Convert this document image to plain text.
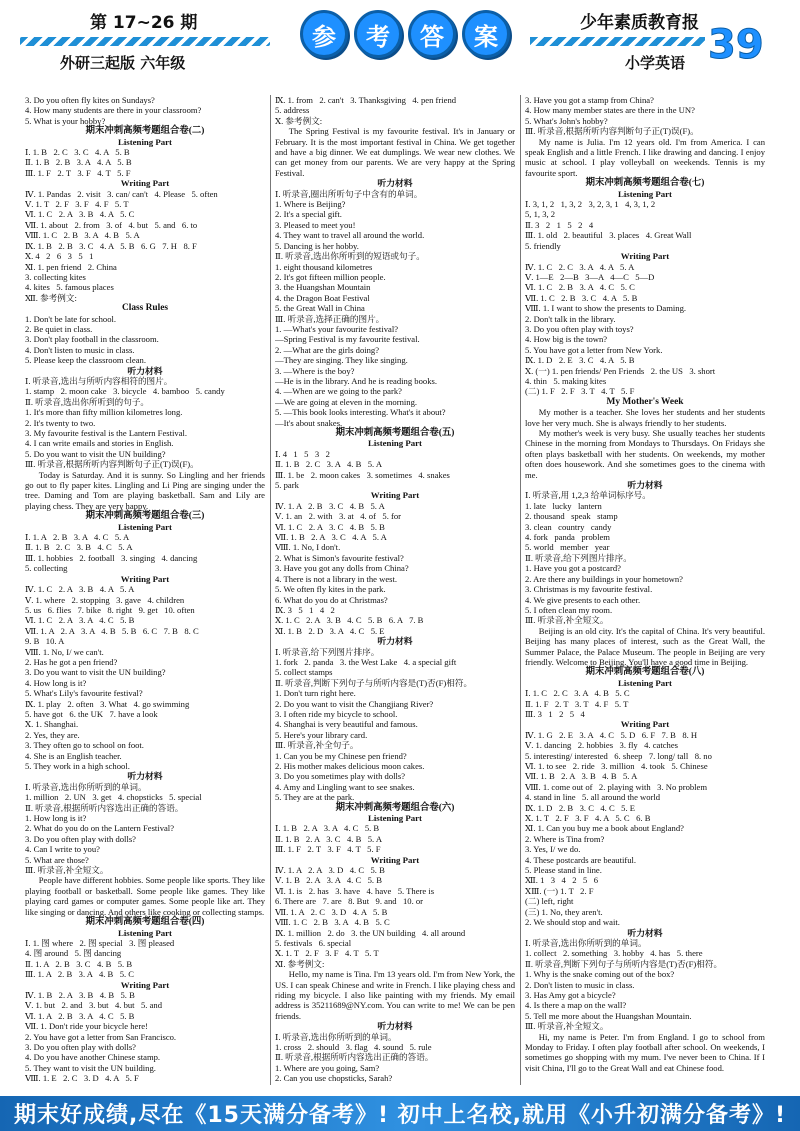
第 17~26 期
外研三起版 六年级
参	考	答	案	少年素质教育报
小学英语 39
3. Do you often fly kites on Sundays?
4. How many students are there in your classroom?
5. What is your hobby?
期末冲刺高频考题组合卷(二)
Listening Part
Ⅰ. 1. B   2. C   3. C   4. A   5. B
Ⅱ. 1. B   2. B   3. A   4. A   5. B
Ⅲ. 1. F   2. T   3. F   4. T   5. F
Writing Part
Ⅳ. 1. Pandas   2. visit   3. can/ can't   4. Please   5. often
Ⅴ. 1. T   2. F   3. F   4. F   5. T
Ⅵ. 1. C   2. A   3. B   4. A   5. C
Ⅶ. 1. about   2. from   3. of   4. but   5. and   6. to
Ⅷ. 1. C   2. B   3. A   4. B   5. A
Ⅸ. 1. B   2. B   3. C   4. A   5. B   6. G   7. H   8. F
Ⅹ. 4   2   6   3   5   1
Ⅺ. 1. pen friend   2. China
3. collecting kites
4. kites   5. famous places
Ⅻ. 参考例文:
Class Rules
1. Don't be late for school.
2. Be quiet in class.
3. Don't play football in the classroom.
4. Don't listen to music in class.
5. Please keep the classroom clean.
听力材料
Ⅰ. 听录音,选出与所听内容相符的图片。
1. stamp   2. moon cake   3. bicycle   4. bamboo   5. candy
Ⅱ. 听录音,选出你所听到的句子。
1. It's more than fifty million kilometres long.
2. It's twenty to two.
3. My favourite festival is the Lantern Festival.
4. I can write emails and stories in English.
5. Do you want to visit the UN building?
Ⅲ. 听录音,根据所听内容判断句子正(T)误(F)。
Today is Saturday. And it is sunny. So Lingling and her friends go out to fly paper kites. Lingling and Li Ping are singing under the tree. Daming and Tom are playing basketball. Sam and Lily are playing chess. They are very happy.
期末冲刺高频考题组合卷(三)
Listening Part
Ⅰ. 1. A   2. B   3. A   4. C   5. A
Ⅱ. 1. B   2. C   3. B   4. C   5. A
Ⅲ. 1. hobbies   2. football   3. singing   4. dancing
5. collecting
Writing Part
Ⅳ. 1. C   2. A   3. B   4. A   5. A
Ⅴ. 1. where   2. stopping   3. gave   4. children
5. us   6. flies   7. bike   8. right   9. get   10. often
Ⅵ. 1. C   2. A   3. A   4. C   5. B
Ⅶ. 1. A   2. A   3. A   4. B   5. B   6. C   7. B   8. C
9. B   10. A
Ⅷ. 1. No, I/ we can't.
2. Has he got a pen friend?
3. Do you want to visit the UN building?
4. How long is it?
5. What's Lily's favourite festival?
Ⅸ. 1. play   2. often   3. What   4. go swimming
5. have got   6. the UK   7. have a look
Ⅹ. 1. Shanghai.
2. Yes, they are.
3. They often go to school on foot.
4. She is an English teacher.
5. They work in a high school.
听力材料
Ⅰ. 听录音,选出你所听到的单词。
1. million   2. UN   3. get   4. chopsticks   5. special
Ⅱ. 听录音,根据所听内容选出正确的答语。
1. How long is it?
2. What do you do on the Lantern Festival?
3. Do you often play with dolls?
4. Can I write to you?
5. What are those?
Ⅲ. 听录音,补全短文。
People have different hobbies. Some people like sports. They like playing football or basketball. Some people like games. They like playing card games or computer games. Some people like art. They like singing or dancing. And others like cooking or collecting stamps.
期末冲刺高频考题组合卷(四)
Listening Part
Ⅰ. 1. 图 where   2. 图 special   3. 图 pleased
4. 图 around   5. 图 dancing
Ⅱ. 1. A   2. B   3. C   4. B   5. B
Ⅲ. 1. A   2. B   3. A   4. B   5. C
Writing Part
Ⅳ. 1. B   2. A   3. B   4. B   5. B
Ⅴ. 1. but   2. and   3. but   4. but   5. and
Ⅵ. 1. A   2. B   3. A   4. C   5. B
Ⅶ. 1. Don't ride your bicycle here!
2. You have got a letter from San Francisco.
3. Do you often play with dolls?
4. Do you have another Chinese stamp.
5. They want to visit the UN building.
Ⅷ. 1. E   2. C   3. D   4. A   5. F
Ⅸ. 1. from   2. can't   3. Thanksgiving   4. pen friend
5. address
Ⅹ. 参考例文:
The Spring Festival is my favourite festival. It's in January or February. It is the most important festival in China. We get together and have a big dinner. We eat dumplings. We wear new clothes. We can get money from our parents. We are very happy at the Spring Festival.
听力材料
Ⅰ. 听录音,圈出所听句子中含有的单词。
1. Where is Beijing?
2. It's a special gift.
3. Pleased to meet you!
4. They want to travel all around the world.
5. Dancing is her hobby.
Ⅱ. 听录音,选出你所听到的短语或句子。
1. eight thousand kilometres
2. It's got fifteen million people.
3. the Huangshan Mountain
4. the Dragon Boat Festival
5. the Great Wall in China
Ⅲ. 听录音,选择正确的图片。
1. —What's your favourite festival?
—Spring Festival is my favourite festival.
2. —What are the girls doing?
—They are singing. They like singing.
3. —Where is the boy?
—He is in the library. And he is reading books.
4. —When are we going to the park?
—We are going at eleven in the morning.
5. —This book looks interesting. What's it about?
—It's about snakes.
期末冲刺高频考题组合卷(五)
Listening Part
Ⅰ. 4   1   5   3   2
Ⅱ. 1. B   2. C   3. A   4. B   5. A
Ⅲ. 1. be   2. moon cakes   3. sometimes   4. snakes
5. park
Writing Part
Ⅳ. 1. A   2. B   3. C   4. B   5. A
Ⅴ. 1. an   2. with   3. at   4. of   5. for
Ⅵ. 1. C   2. A   3. C   4. B   5. B
Ⅶ. 1. B   2. A   3. C   4. A   5. A
Ⅷ. 1. No, I don't.
2. What is Simon's favourite festival?
3. Have you got any dolls from China?
4. There is not a library in the west.
5. We often fly kites in the park.
6. What do you do at Christmas?
Ⅸ. 3   5   1   4   2
Ⅹ. 1. C   2. A   3. B   4. C   5. B   6. A   7. B
Ⅺ. 1. B   2. D   3. A   4. C   5. E
听力材料
Ⅰ. 听录音,给下列图片排序。
1. fork   2. panda   3. the West Lake   4. a special gift
5. collect stamps
Ⅱ. 听录音,判断下列句子与所听内容是(T)否(F)相符。
1. Don't turn right here.
2. Do you want to visit the Changjiang River?
3. I often ride my bicycle to school.
4. Shanghai is very beautiful and famous.
5. Here's your library card.
Ⅲ. 听录音,补全句子。
1. Can you be my Chinese pen friend?
2. His mother makes delicious moon cakes.
3. Do you sometimes play with dolls?
4. Amy and Lingling want to see snakes.
5. They are at the park.
期末冲刺高频考题组合卷(六)
Listening Part
Ⅰ. 1. B   2. A   3. A   4. C   5. B
Ⅱ. 1. B   2. A   3. C   4. B   5. A
Ⅲ. 1. F   2. T   3. F   4. T   5. F
Writing Part
Ⅳ. 1. A   2. A   3. D   4. C   5. B
Ⅴ. 1. B   2. A   3. A   4. C   5. B
Ⅵ. 1. is   2. has   3. have   4. have   5. There is
6. There are   7. are   8. But   9. and   10. or
Ⅶ. 1. A   2. C   3. D   4. A   5. B
Ⅷ. 1. C   2. B   3. A   4. B   5. C
Ⅸ. 1. million   2. do   3. the UN building   4. all around
5. festivals   6. special
Ⅹ. 1. T   2. F   3. F   4. T   5. T
Ⅺ. 参考例文:
Hello, my name is Tina. I'm 13 years old. I'm from New York, the US. I can speak Chinese and write in French. I like playing chess and riding my bicycle. I also like painting with my friends. My email address is 35211689@NY.com. You can write to me! We can be pen friends.
听力材料
Ⅰ. 听录音,选出你所听到的单词。
1. cross   2. should   3. flag   4. sound   5. rule
Ⅱ. 听录音,根据所听内容选出正确的答语。
1. Where are you going, Sam?
2. Can you use chopsticks, Sarah?
3. Have you got a stamp from China?
4. How many member states are there in the UN?
5. What's John's hobby?
Ⅲ. 听录音,根据所听内容判断句子正(T)误(F)。
My name is Julia. I'm 12 years old. I'm from America. I can speak English and a little French. I like drawing and dancing. I enjoy music at school. I play volleyball on weekends. Tennis is my favourite sport.
期末冲刺高频考题组合卷(七)
Listening Part
Ⅰ. 3, 1, 2   1, 3, 2   3, 2, 3, 1   4, 3, 1, 2
5, 1, 3, 2
Ⅱ. 3   2   1   5   2   4
Ⅲ. 1. old   2. beautiful   3. places   4. Great Wall
5. friendly
Writing Part
Ⅳ. 1. C   2. C   3. A   4. A   5. A
Ⅴ. 1—E   2—B   3—A   4—C   5—D
Ⅵ. 1. C   2. B   3. A   4. C   5. C
Ⅶ. 1. C   2. B   3. C   4. A   5. B
Ⅷ. 1. I want to show the presents to Daming.
2. Don't talk in the library.
3. Do you often play with toys?
4. How big is the town?
5. You have got a letter from New York.
Ⅸ. 1. D   2. E   3. C   4. A   5. B
Ⅹ. (一) 1. pen friends/ Pen Friends   2. the US   3. short
4. thin   5. making kites
(二) 1. F   2. F   3. T   4. T   5. F
My Mother's Week
My mother is a teacher. She loves her students and her students love her very much. She is always friendly to her students.
My mother's week is very busy. She usually teaches her students Chinese in the morning from Mondays to Thursdays. On Fridays she often plays basketball with her students. On weekends, my mother often does housework. And she sometimes goes to the cinema with me.
听力材料
Ⅰ. 听录音,用 1,2,3 给单词标序号。
1. late   lucky   lantern
2. thousand   speak   stamp
3. clean   country   candy
4. fork   panda   problem
5. world   member   year
Ⅱ. 听录音,给下列图片排序。
1. Have you got a postcard?
2. Are there any buildings in your hometown?
3. Christmas is my favourite festival.
4. We give presents to each other.
5. I often clean my room.
Ⅲ. 听录音,补全短文。
Beijing is an old city. It's the capital of China. It's very beautiful. Beijing has many places of interest, such as the Great Wall, the Summer Palace, the Palace Museum. The people in Beijing are very friendly. Welcome to Beijing. You'll have a good time in Beijing.
期末冲刺高频考题组合卷(八)
Listening Part
Ⅰ. 1. C   2. C   3. A   4. B   5. C
Ⅱ. 1. F   2. T   3. T   4. F   5. T
Ⅲ. 3   1   2   5   4
Writing Part
Ⅳ. 1. G   2. E   3. A   4. C   5. D   6. F   7. B   8. H
Ⅴ. 1. dancing   2. hobbies   3. fly   4. catches
5. interesting/ interested   6. sheep   7. long/ tall   8. no
Ⅵ. 1. to see   2. ride   3. million   4. took   5. Chinese
Ⅶ. 1. B   2. A   3. B   4. B   5. A
Ⅷ. 1. come out of   2. playing with   3. No problem
4. stand in line   5. all around the world
Ⅸ. 1. D   2. B   3. C   4. C   5. E
Ⅹ. 1. T   2. F   3. F   4. A   5. C   6. B
Ⅺ. 1. Can you buy me a book about England?
2. Where is Tina from?
3. Yes, I/ we do.
4. These postcards are beautiful.
5. Please stand in line.
Ⅻ. 1   3   4   2   5   6
ⅩⅢ. (一) 1. T   2. F
(二) left, right
(三) 1. No, they aren't.
2. We should stop and wait.
听力材料
Ⅰ. 听录音,选出你所听到的单词。
1. collect   2. something   3. hobby   4. has   5. there
Ⅱ. 听录音,判断下列句子与所听内容是(T)否(F)相符。
1. Why is the snake coming out of the box?
2. Don't listen to music in class.
3. Has Amy got a bicycle?
4. Is there a map on the wall?
5. Tell me more about the Huangshan Mountain.
Ⅲ. 听录音,补全短文。
Hi, my name is Peter. I'm from England. I go to school from Monday to Friday. I often play football after school. On weekends, I sometimes go shopping with my mum. I've never been to China. If I visit China, I'll go to the Great Wall and eat Chinese food.
期末好成绩,尽在《15天满分备考》! 初中上名校,就用《小升初满分备考》!
